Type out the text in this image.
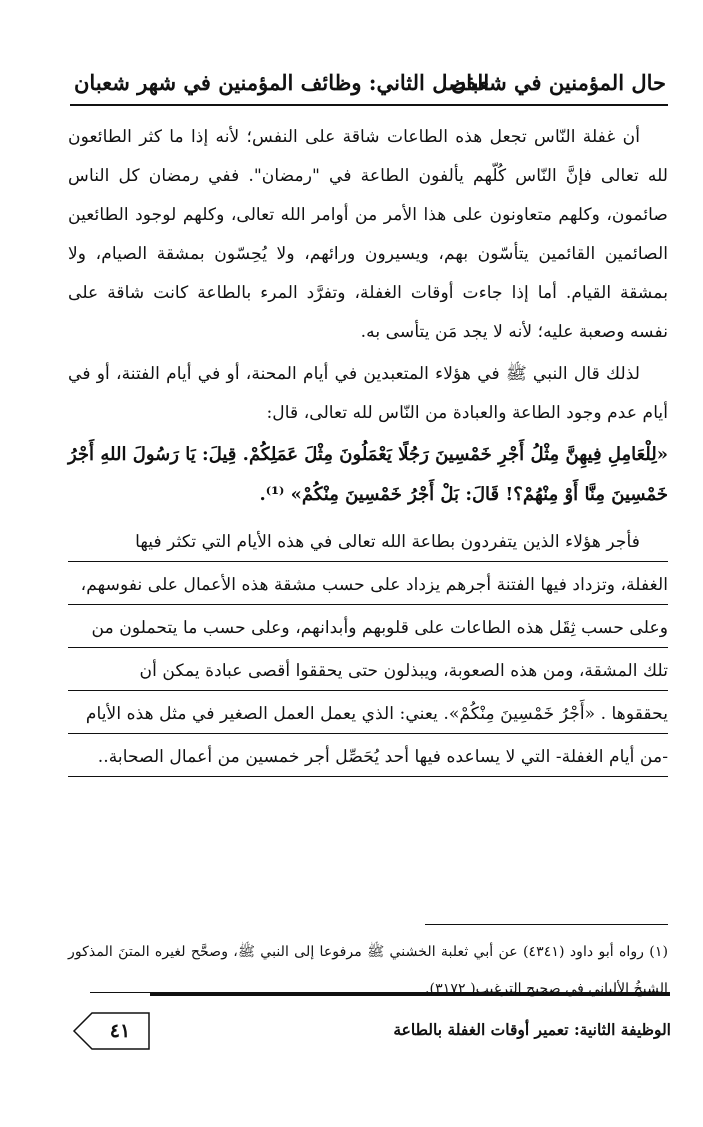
حال المؤمنين في شعبان
الفصل الثاني: وظائف المؤمنين في شهر شعبان

أن غفلة النّاس تجعل هذه الطاعات شاقة على النفس؛ لأنه إذا ما كثر الطائعون لله تعالى فإنَّ النّاس كُلّهم يألفون الطاعة في "رمضان". ففي رمضان كل الناس صائمون، وكلهم متعاونون على هذا الأمر من أوامر الله تعالى، وكلهم لوجود الطائعين الصائمين القائمين يتأسّون بهم، ويسيرون ورائهم، ولا يُحِسّون بمشقة الصيام، ولا بمشقة القيام. أما إذا جاءت أوقات الغفلة، وتفرَّد المرء بالطاعة كانت شاقة على نفسه وصعبة عليه؛ لأنه لا يجد مَن يتأسى به.

لذلك قال النبي ﷺ في هؤلاء المتعبدين في أيام المحنة، أو في أيام الفتنة، أو في أيام عدم وجود الطاعة والعبادة من النّاس لله تعالى، قال:

«لِلْعَامِلِ فِيهِنَّ مِثْلُ أَجْرِ خَمْسِينَ رَجُلًا يَعْمَلُونَ مِثْلَ عَمَلِكُمْ. قِيلَ: يَا رَسُولَ اللهِ أَجْرُ خَمْسِينَ مِنَّا أَوْ مِنْهُمْ؟! قَالَ: بَلْ أَجْرُ خَمْسِينَ مِنْكُمْ» ⁽¹⁾.

فأجر هؤلاء الذين يتفردون بطاعة الله تعالى في هذه الأيام التي تكثر فيها
الغفلة، وتزداد فيها الفتنة أجرهم يزداد على حسب مشقة هذه الأعمال على نفوسهم،
وعلى حسب ثِقَل هذه الطاعات على قلوبهم وأبدانهم، وعلى حسب ما يتحملون من
تلك المشقة، ومن هذه الصعوبة، ويبذلون حتى يحققوا أقصى عبادة يمكن أن
يحققوها . «أَجْرُ خَمْسِينَ مِنْكُمْ». يعني: الذي يعمل العمل الصغير في مثل هذه الأيام
-من أيام الغفلة- التي لا يساعده فيها أحد يُحَصِّل أجر خمسين من أعمال الصحابة..
(١) رواه أبو داود (٤٣٤١) عن أبي ثعلبة الخشني ﷺ مرفوعا إلى النبي ﷺ، وصحَّح لغيره المتنَ المذكور الشيخُ الألباني في صحيح الترغيب( ٣١٧٢).
٤١	الوظيفة الثانية: تعمير أوقات الغفلة بالطاعة
